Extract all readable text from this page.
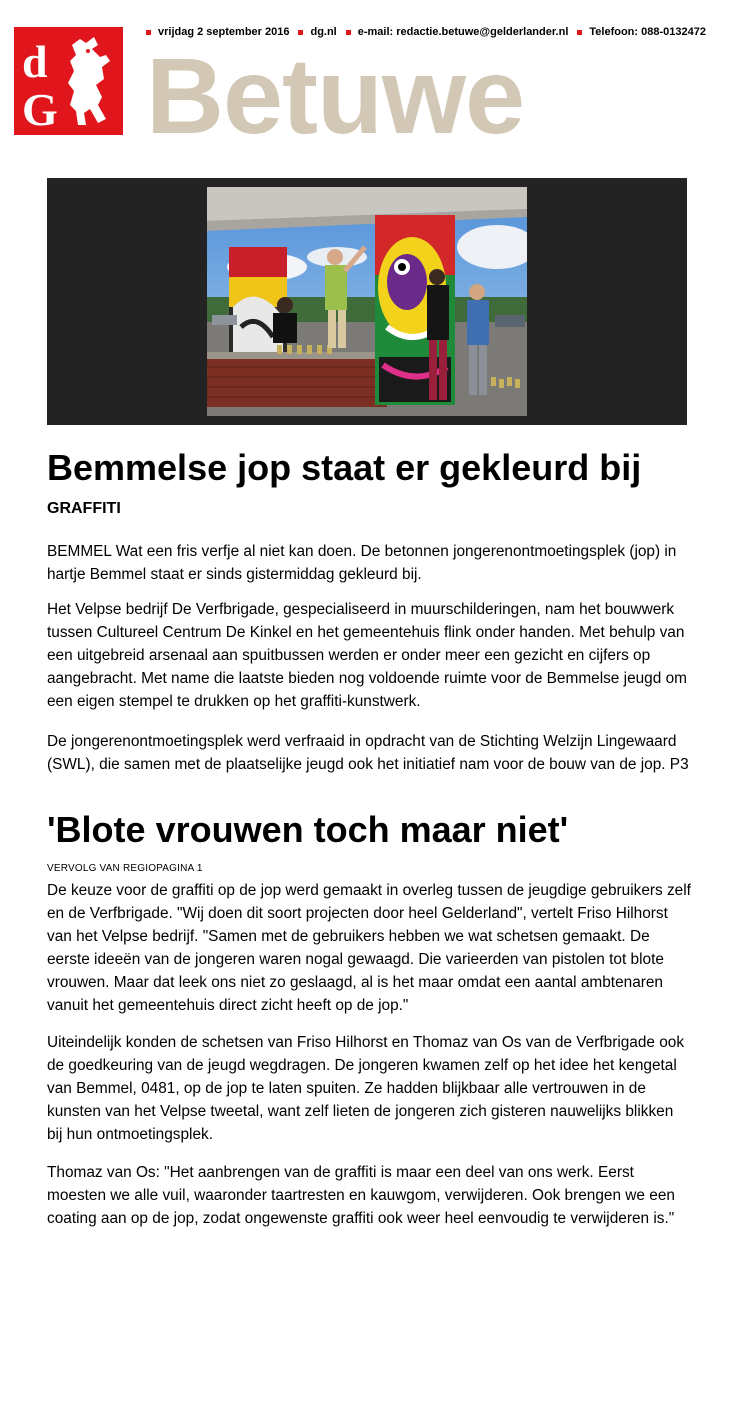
d
G
vrijdag 2 september 2016 dg.nl e-mail: redactie.betuwe@gelderlander.nl Telefoon: 088-0132472
Betuwe
Bemmelse jop staat er gekleurd bij
GRAFFITI

BEMMEL Wat een fris verfje al niet kan doen. De betonnen jongerenontmoetingsplek (jop) in hartje Bemmel staat er sinds gistermiddag gekleurd bij.

Het Velpse bedrijf De Verfbrigade, gespecialiseerd in muurschilderingen, nam het bouwwerk tussen Cultureel Centrum De Kinkel en het gemeentehuis flink onder handen. Met behulp van een uitgebreid arsenaal aan spuitbussen werden er onder meer een gezicht en cijfers op aangebracht. Met name die laatste bieden nog voldoende ruimte voor de Bemmelse jeugd om een eigen stempel te drukken op het graffiti-kunstwerk.

De jongerenontmoetingsplek werd verfraaid in opdracht van de Stichting Welzijn Lingewaard (SWL), die samen met de plaatselijke jeugd ook het initiatief nam voor de bouw van de jop. P3

'Blote vrouwen toch maar niet'

VERVOLG VAN REGIOPAGINA 1

De keuze voor de graffiti op de jop werd gemaakt in overleg tussen de jeugdige gebruikers zelf en de Verfbrigade. "Wij doen dit soort projecten door heel Gelderland", vertelt Friso Hilhorst van het Velpse bedrijf. "Samen met de gebruikers hebben we wat schetsen gemaakt. De eerste ideeën van de jongeren waren nogal gewaagd. Die varieerden van pistolen tot blote vrouwen. Maar dat leek ons niet zo geslaagd, al is het maar omdat een aantal ambtenaren vanuit het gemeentehuis direct zicht heeft op de jop."

Uiteindelijk konden de schetsen van Friso Hilhorst en Thomaz van Os van de Verfbrigade ook de goedkeuring van de jeugd wegdragen. De jongeren kwamen zelf op het idee het kengetal van Bemmel, 0481, op de jop te laten spuiten. Ze hadden blijkbaar alle vertrouwen in de kunsten van het Velpse tweetal, want zelf lieten de jongeren zich gisteren nauwelijks blikken bij hun ontmoetingsplek.

Thomaz van Os: "Het aanbrengen van de graffiti is maar een deel van ons werk. Eerst moesten we alle vuil, waaronder taartresten en kauwgom, verwijderen. Ook brengen we een coating aan op de jop, zodat ongewenste graffiti ook weer heel eenvoudig te verwijderen is."
